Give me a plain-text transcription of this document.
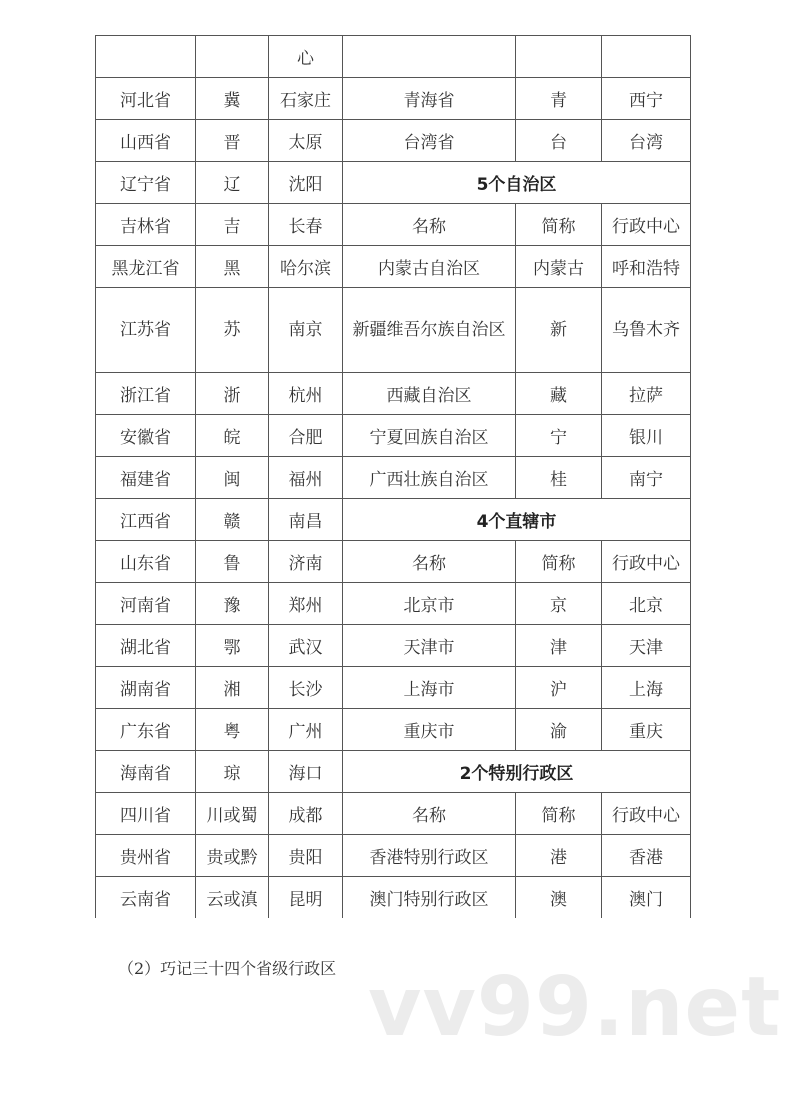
		心			
河北省	冀	石家庄	青海省	青	西宁
山西省	晋	太原	台湾省	台	台湾
辽宁省	辽	沈阳	5个自治区		
吉林省	吉	长春	名称	简称	行政中心
黑龙江省	黑	哈尔滨	内蒙古自治区	内蒙古	呼和浩特
江苏省	苏	南京	新疆维吾尔族自治区	新	乌鲁木齐
浙江省	浙	杭州	西藏自治区	藏	拉萨
安徽省	皖	合肥	宁夏回族自治区	宁	银川
福建省	闽	福州	广西壮族自治区	桂	南宁
江西省	赣	南昌	4个直辖市		
山东省	鲁	济南	名称	简称	行政中心
河南省	豫	郑州	北京市	京	北京
湖北省	鄂	武汉	天津市	津	天津
湖南省	湘	长沙	上海市	沪	上海
广东省	粤	广州	重庆市	渝	重庆
海南省	琼	海口	2个特别行政区		
四川省	川或蜀	成都	名称	简称	行政中心
贵州省	贵或黔	贵阳	香港特别行政区	港	香港
云南省	云或滇	昆明	澳门特别行政区	澳	澳门
（2）巧记三十四个省级行政区 vv99.net
